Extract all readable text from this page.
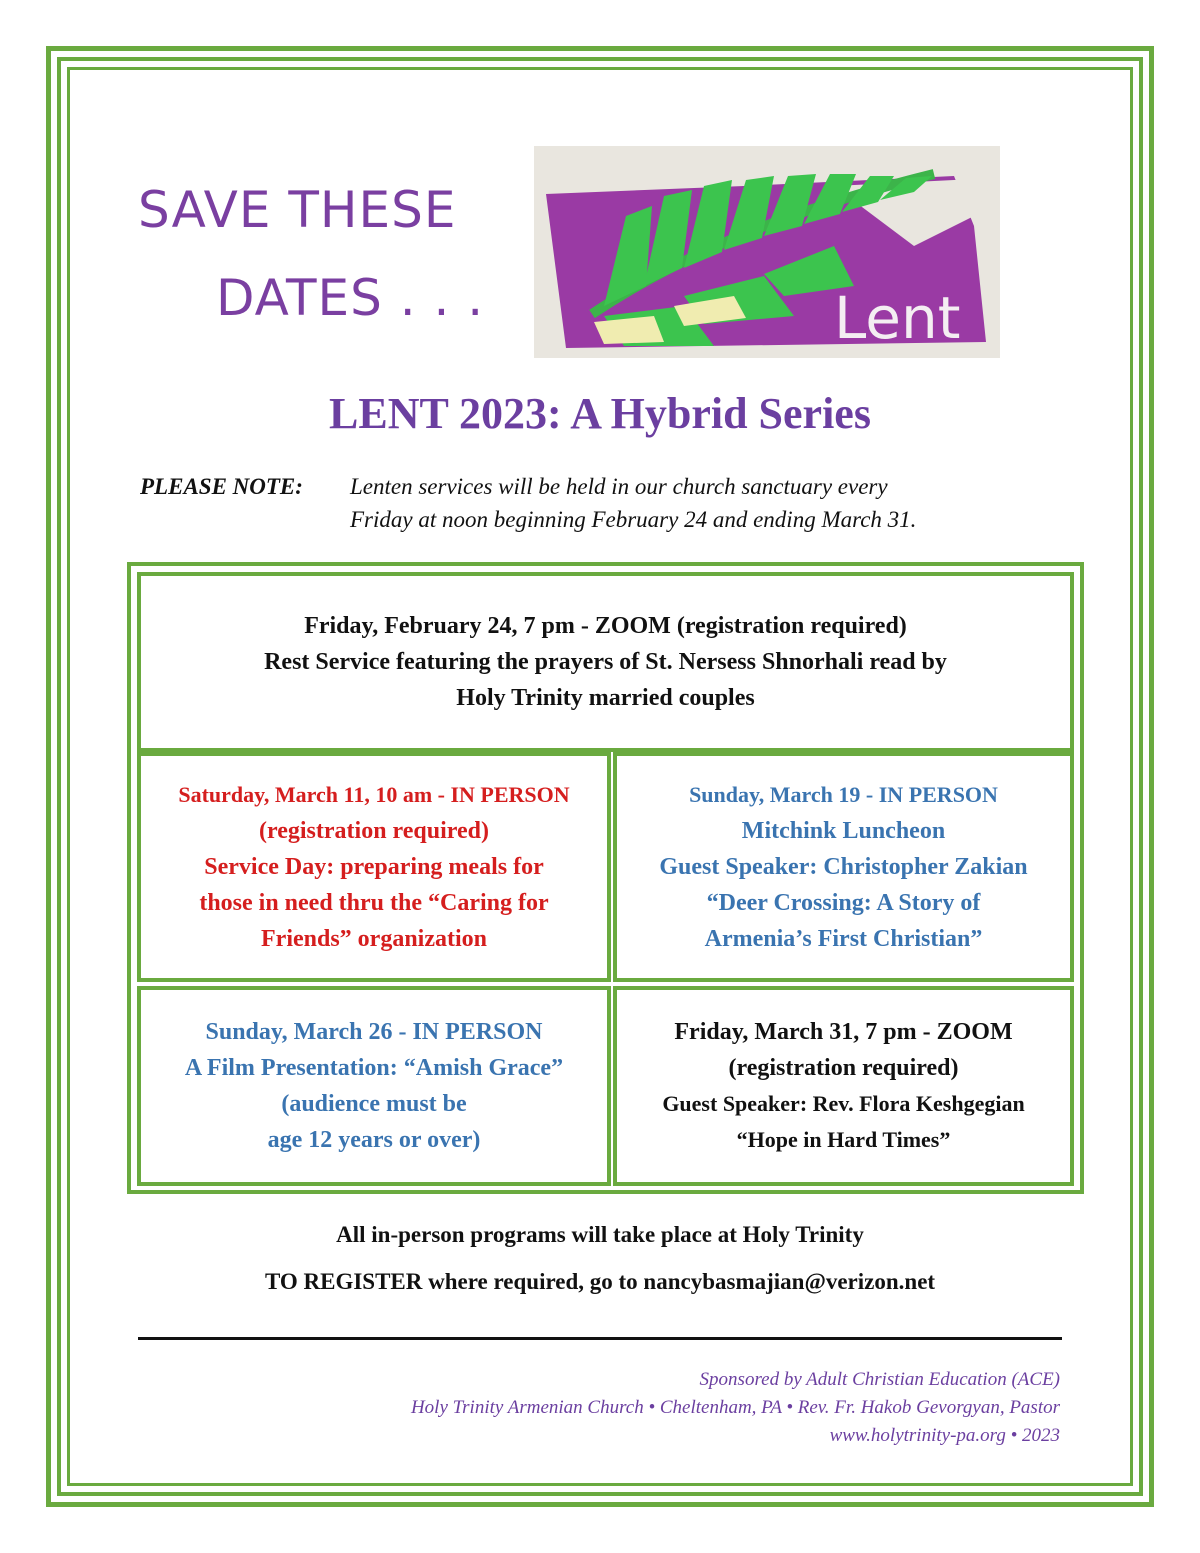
SAVE THESE
DATES . . .	Lent
LENT 2023: A Hybrid Series
PLEASE NOTE: Lenten services will be held in our church sanctuary every
Friday at noon beginning February 24 and ending March 31.
Friday, February 24, 7 pm - ZOOM (registration required)
Rest Service featuring the prayers of St. Nersess Shnorhali read by
Holy Trinity married couples
Saturday, March 11, 10 am - IN PERSON
(registration required)
Service Day: preparing meals for
those in need thru the “Caring for
Friends” organization
Sunday, March 19 - IN PERSON
Mitchink Luncheon
Guest Speaker: Christopher Zakian
“Deer Crossing: A Story of
Armenia’s First Christian”
Sunday, March 26 - IN PERSON
A Film Presentation: “Amish Grace”
(audience must be
age 12 years or over)
Friday, March 31, 7 pm - ZOOM
(registration required)
Guest Speaker: Rev. Flora Keshgegian
“Hope in Hard Times”
All in-person programs will take place at Holy Trinity
TO REGISTER where required, go to nancybasmajian@verizon.net
Sponsored by Adult Christian Education (ACE)
Holy Trinity Armenian Church • Cheltenham, PA • Rev. Fr. Hakob Gevorgyan, Pastor
www.holytrinity-pa.org • 2023
